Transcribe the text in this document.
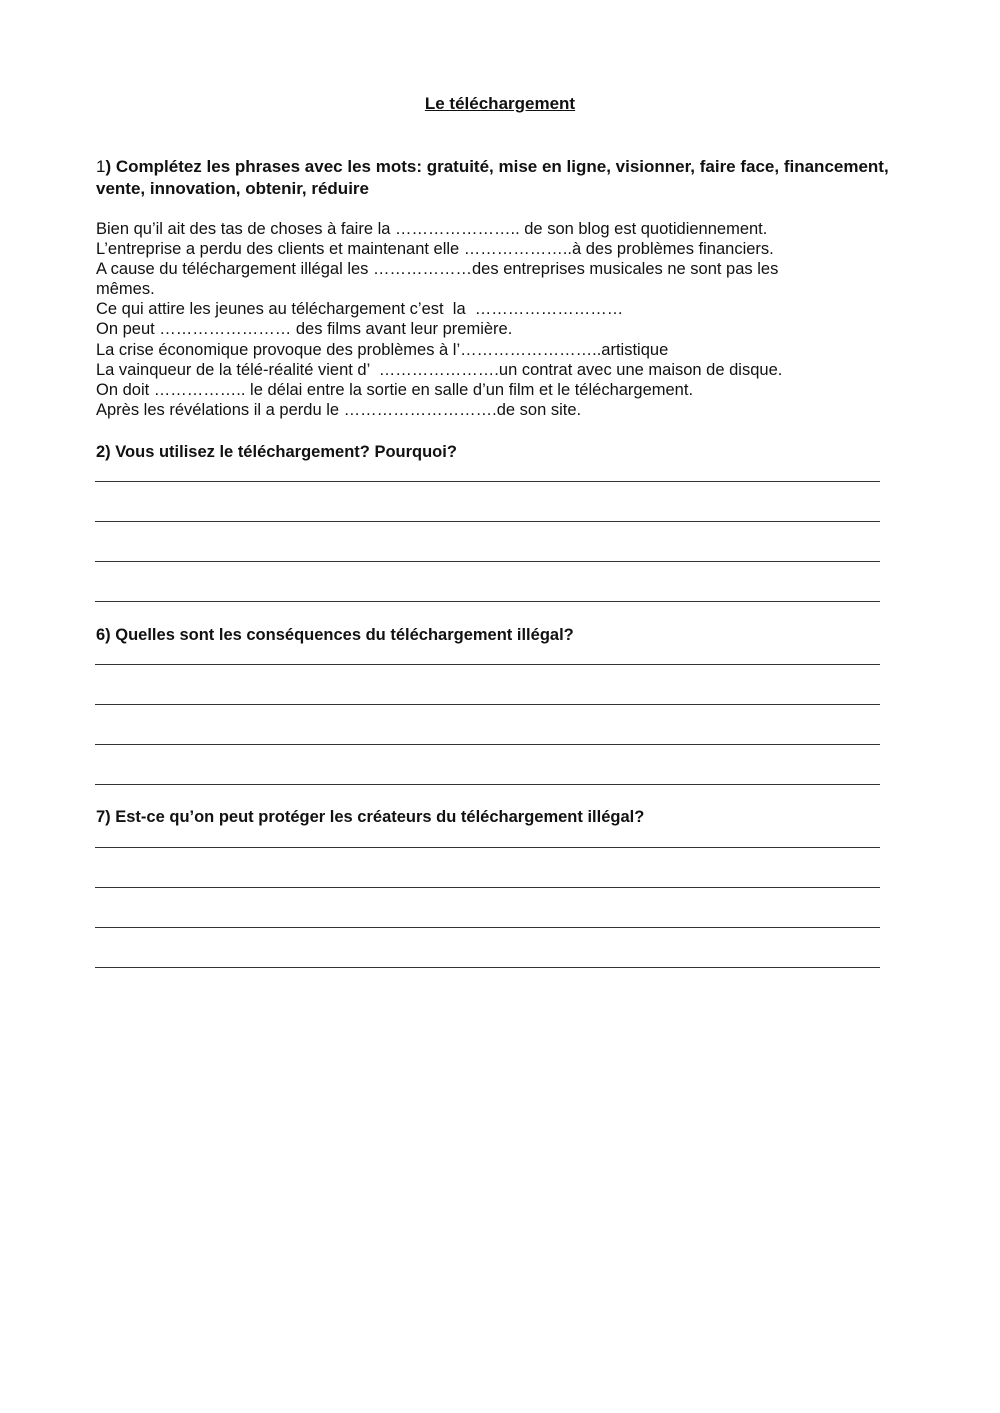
Le téléchargement
1) Complétez les phrases avec les mots: gratuité, mise en ligne, visionner, faire face, financement, vente, innovation, obtenir, réduire
Bien qu’il ait des tas de choses à faire la ………………….. de son blog est quotidiennement.
L’entreprise a perdu des clients et maintenant elle ………………..à des problèmes financiers.
A cause du téléchargement illégal les ………………des entreprises musicales ne sont pas les
mêmes.
Ce qui attire les jeunes au téléchargement c’est  la  ………………………
On peut …………………… des films avant leur première.
La crise économique provoque des problèmes à l’……………………..artistique
La vainqueur de la télé-réalité vient d’  ………………….un contrat avec une maison de disque.
On doit …………….. le délai entre la sortie en salle d’un film et le téléchargement.
Après les révélations il a perdu le ……………………….de son site.
2) Vous utilisez le téléchargement? Pourquoi?
6) Quelles sont les conséquences du téléchargement illégal?
7) Est-ce qu’on peut protéger les créateurs du téléchargement illégal?
